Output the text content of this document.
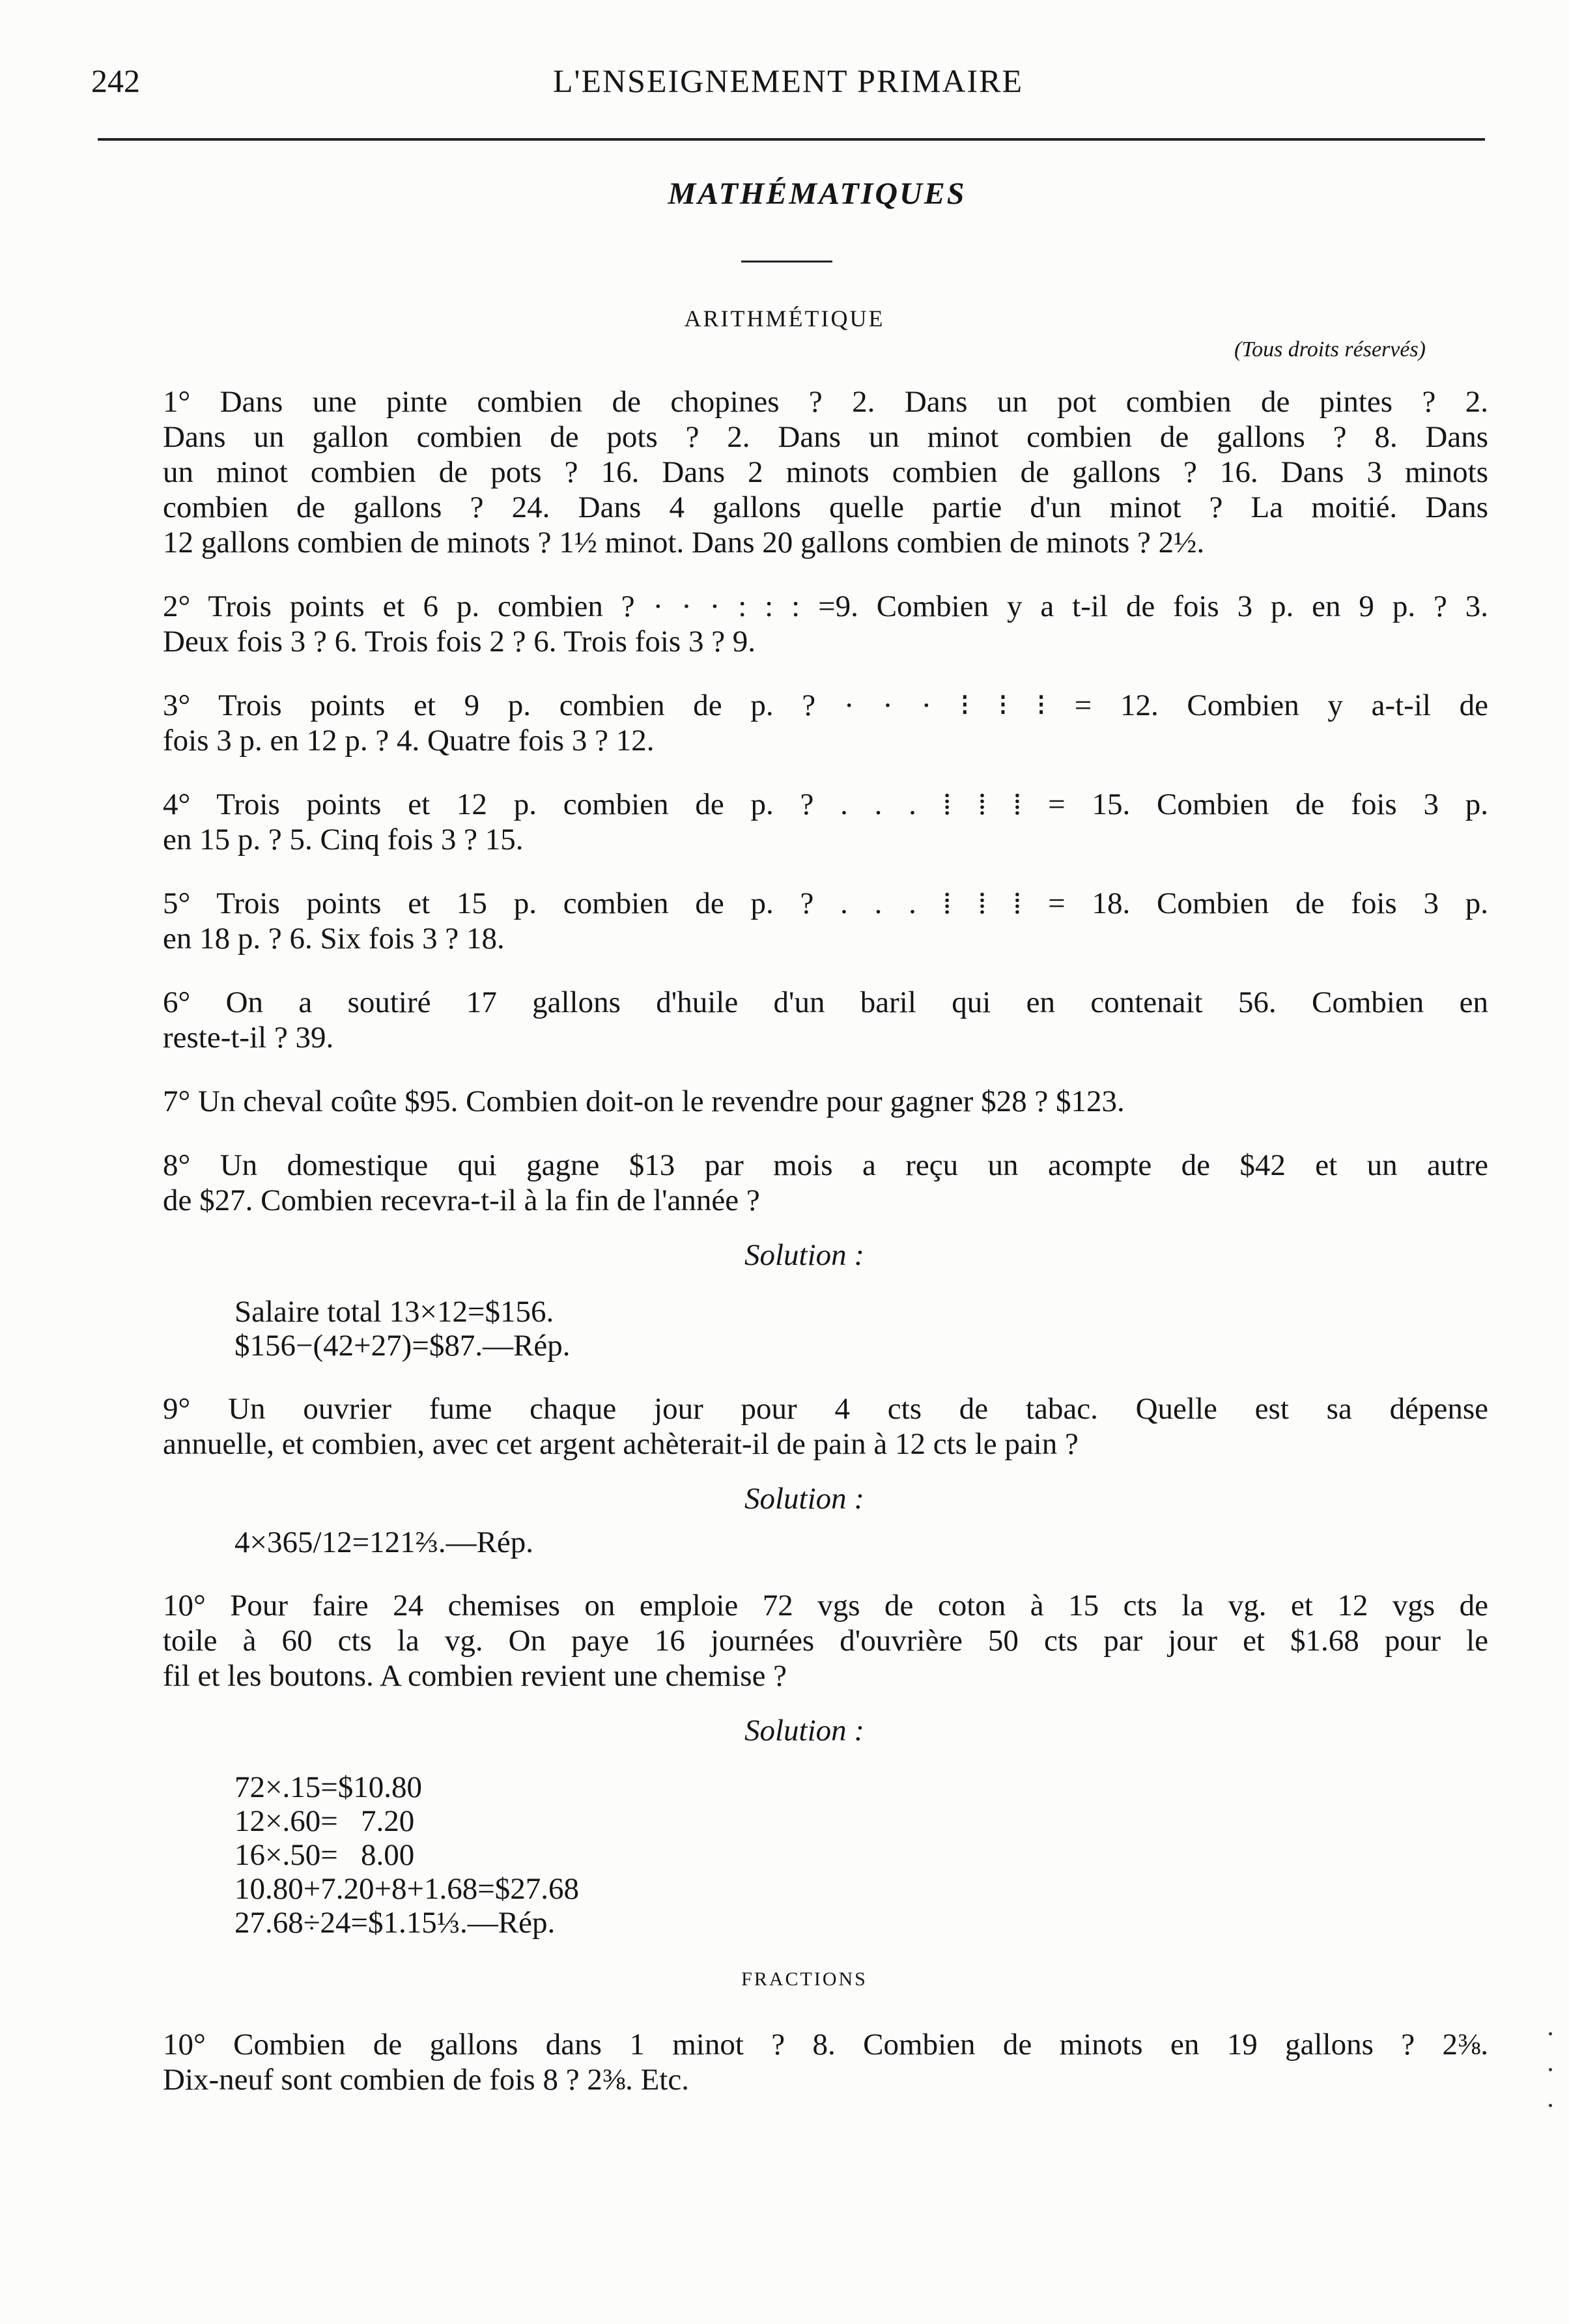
242	L'ENSEIGNEMENT PRIMAIRE
MATHÉMATIQUES
ARITHMÉTIQUE
(Tous droits réservés)
1° Dans une pinte combien de chopines ? 2. Dans un pot combien de pintes ? 2.
Dans un gallon combien de pots ? 2. Dans un minot combien de gallons ? 8. Dans
un minot combien de pots ? 16. Dans 2 minots combien de gallons ? 16. Dans 3 minots
combien de gallons ? 24. Dans 4 gallons quelle partie d'un minot ? La moitié. Dans
12 gallons combien de minots ? 1½ minot. Dans 20 gallons combien de minots ? 2½.
2° Trois points et 6 p. combien ? · · · : : : =9. Combien y a t-il de fois 3 p. en 9 p. ? 3.
Deux fois 3 ? 6. Trois fois 2 ? 6. Trois fois 3 ? 9.
3° Trois points et 9 p. combien de p. ? · · · ⁝ ⁝ ⁝ = 12. Combien y a-t-il de
fois 3 p. en 12 p. ? 4. Quatre fois 3 ? 12.
4° Trois points et 12 p. combien de p. ? . . . ⁞ ⁞ ⁞ = 15. Combien de fois 3 p.
en 15 p. ? 5. Cinq fois 3 ? 15.
5° Trois points et 15 p. combien de p. ? . . . ⁞ ⁞ ⁞ = 18. Combien de fois 3 p.
en 18 p. ? 6. Six fois 3 ? 18.
6° On a soutiré 17 gallons d'huile d'un baril qui en contenait 56. Combien en
reste-t-il ? 39.
7° Un cheval coûte $95. Combien doit-on le revendre pour gagner $28 ? $123.
8° Un domestique qui gagne $13 par mois a reçu un acompte de $42 et un autre
de $27. Combien recevra-t-il à la fin de l'année ?
Solution :
Salaire total 13×12=$156.
$156−(42+27)=$87.—Rép.
9° Un ouvrier fume chaque jour pour 4 cts de tabac. Quelle est sa dépense
annuelle, et combien, avec cet argent achèterait-il de pain à 12 cts le pain ?
Solution :
4×365/12=121⅔.—Rép.
10° Pour faire 24 chemises on emploie 72 vgs de coton à 15 cts la vg. et 12 vgs de
toile à 60 cts la vg. On paye 16 journées d'ouvrière 50 cts par jour et $1.68 pour le
fil et les boutons. A combien revient une chemise ?
Solution :
72×.15=$10.80
12×.60=   7.20
16×.50=   8.00
10.80+7.20+8+1.68=$27.68
27.68÷24=$1.15⅓.—Rép.
FRACTIONS
10° Combien de gallons dans 1 minot ? 8. Combien de minots en 19 gallons ? 2⅜.
Dix-neuf sont combien de fois 8 ? 2⅜. Etc.
